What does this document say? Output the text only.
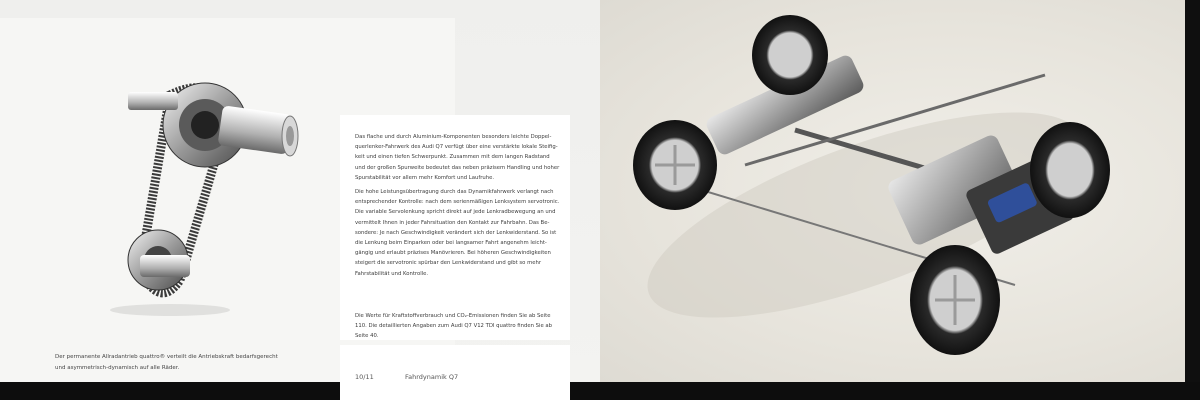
Der permanente Allradantrieb quattro® verteilt die Antriebskraft bedarfsgerecht und asymmetrisch-dynamisch auf alle Räder.

Das flache und durch Aluminium-Komponenten besonders leichte Doppel-querlenker-Fahrwerk des Audi Q7 verfügt über eine verstärkte lokale Steifig-keit und einen tiefen Schwerpunkt. Zusammen mit dem langen Radstand und der großen Spurweite bedeutet das neben präzisem Handling und hoher Spurstabilität vor allem mehr Komfort und Laufruhe.

Die hohe Leistungsübertragung durch das Dynamikfahrwerk verlangt nach entsprechender Kontrolle: nach dem serienmäßigen Lenksystem servotronic. Die variable Servolenkung spricht direkt auf jede Lenkradbewegung an und vermittelt Ihnen in jeder Fahrsituation den Kontakt zur Fahrbahn. Das Be-sondere: Je nach Geschwindigkeit verändert sich der Lenkwiderstand. So ist die Lenkung beim Einparken oder bei langsamer Fahrt angenehm leicht-gängig und erlaubt präzises Manövrieren. Bei höheren Geschwindigkeiten steigert die servotronic spürbar den Lenkwiderstand und gibt so mehr Fahrstabilität und Kontrolle.

Die Werte für Kraftstoffverbrauch und CO₂-Emissionen finden Sie ab Seite 110. Die detaillierten Angaben zum Audi Q7 V12 TDI quattro finden Sie ab Seite 40.

10/11	Fahrdynamik Q7
